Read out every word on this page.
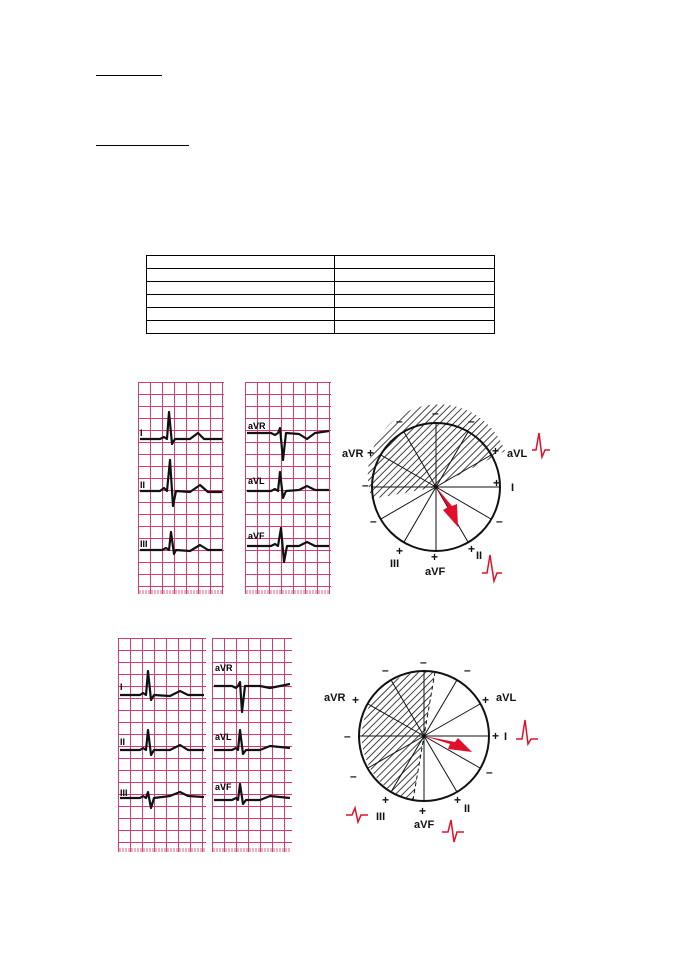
I
II
III
aVR
aVL
aVF
–
–	–
–
–	–
+
+
+
+ +
+
aVR	aVL
I
III
II
aVF
I
II
III
aVR
aVL
aVF
–
–	–
–
–	–
+
+
+
+
+
+
aVR	aVL
I
III
II
aVF
